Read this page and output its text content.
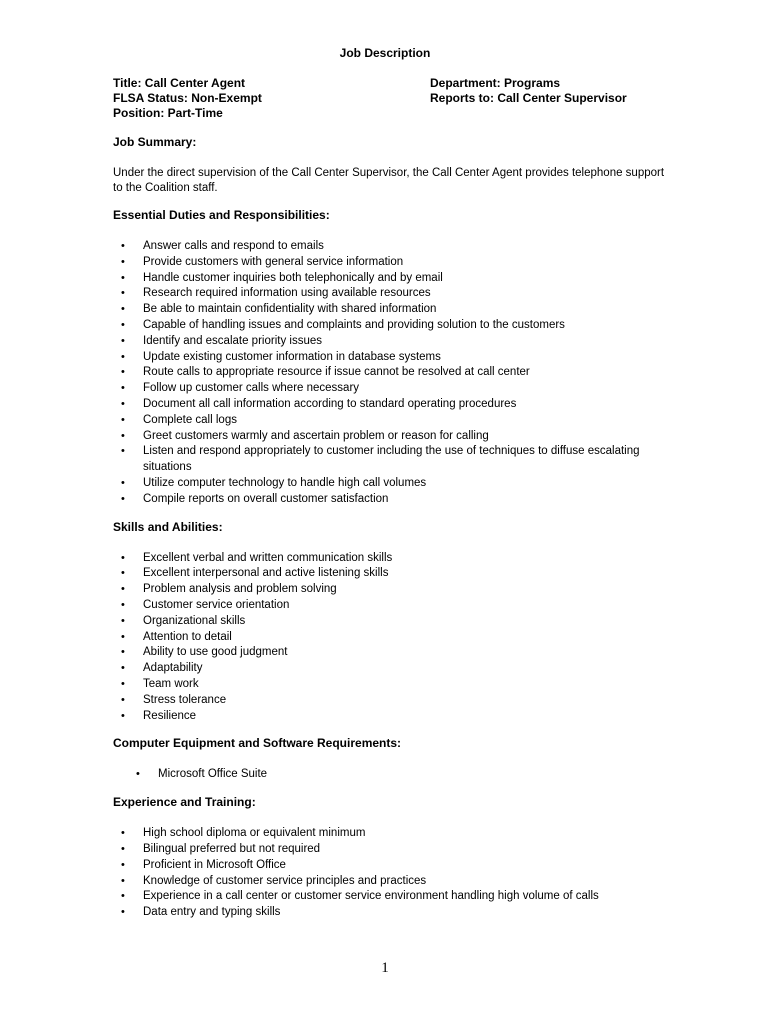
Job Description
Title: Call Center Agent
FLSA Status: Non-Exempt
Position: Part-Time
Department: Programs
Reports to: Call Center Supervisor
Job Summary:

Under the direct supervision of the Call Center Supervisor, the Call Center Agent provides telephone support to the Coalition staff.

Essential Duties and Responsibilities:
• Answer calls and respond to emails
• Provide customers with general service information
• Handle customer inquiries both telephonically and by email
• Research required information using available resources
• Be able to maintain confidentiality with shared information
• Capable of handling issues and complaints and providing solution to the customers
• Identify and escalate priority issues
• Update existing customer information in database systems
• Route calls to appropriate resource if issue cannot be resolved at call center
• Follow up customer calls where necessary
• Document all call information according to standard operating procedures
• Complete call logs
• Greet customers warmly and ascertain problem or reason for calling
• Listen and respond appropriately to customer including the use of techniques to diffuse escalating situations
• Utilize computer technology to handle high call volumes
• Compile reports on overall customer satisfaction
Skills and Abilities:
• Excellent verbal and written communication skills
• Excellent interpersonal and active listening skills
• Problem analysis and problem solving
• Customer service orientation
• Organizational skills
• Attention to detail
• Ability to use good judgment
• Adaptability
• Team work
• Stress tolerance
• Resilience
Computer Equipment and Software Requirements:
• Microsoft Office Suite
Experience and Training:
• High school diploma or equivalent minimum
• Bilingual preferred but not required
• Proficient in Microsoft Office
• Knowledge of customer service principles and practices
• Experience in a call center or customer service environment handling high volume of calls
• Data entry and typing skills
1
